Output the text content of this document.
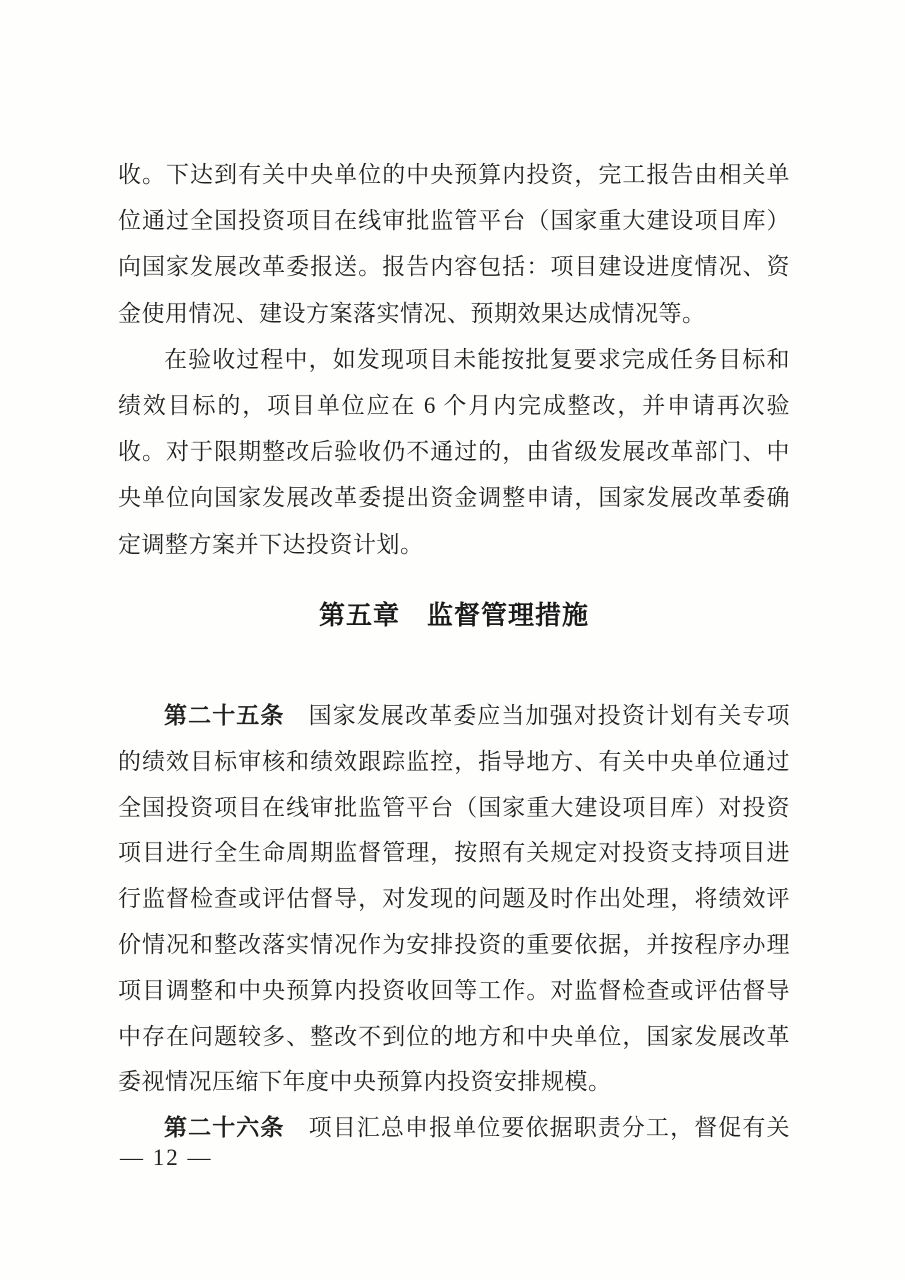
收。下达到有关中央单位的中央预算内投资，完工报告由相关单
位通过全国投资项目在线审批监管平台（国家重大建设项目库）
向国家发展改革委报送。报告内容包括：项目建设进度情况、资
金使用情况、建设方案落实情况、预期效果达成情况等。
在验收过程中，如发现项目未能按批复要求完成任务目标和
绩效目标的，项目单位应在 6 个月内完成整改，并申请再次验
收。对于限期整改后验收仍不通过的，由省级发展改革部门、中
央单位向国家发展改革委提出资金调整申请，国家发展改革委确
定调整方案并下达投资计划。
第五章　监督管理措施
第二十五条　国家发展改革委应当加强对投资计划有关专项
的绩效目标审核和绩效跟踪监控，指导地方、有关中央单位通过
全国投资项目在线审批监管平台（国家重大建设项目库）对投资
项目进行全生命周期监督管理，按照有关规定对投资支持项目进
行监督检查或评估督导，对发现的问题及时作出处理，将绩效评
价情况和整改落实情况作为安排投资的重要依据，并按程序办理
项目调整和中央预算内投资收回等工作。对监督检查或评估督导
中存在问题较多、整改不到位的地方和中央单位，国家发展改革
委视情况压缩下年度中央预算内投资安排规模。
第二十六条　项目汇总申报单位要依据职责分工，督促有关
— 12 —
